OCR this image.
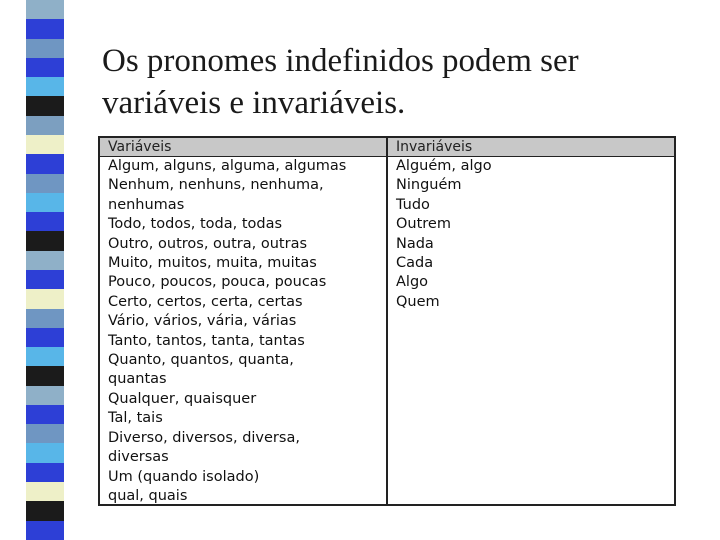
Os pronomes indefinidos podem ser
variáveis e invariáveis.
Variáveis
Algum, alguns, alguma, algumas
Nenhum, nenhuns, nenhuma,
nenhumas
Todo, todos, toda, todas
Outro, outros, outra, outras
Muito, muitos, muita, muitas
Pouco, poucos, pouca, poucas
Certo, certos, certa, certas
Vário, vários, vária, várias
Tanto, tantos, tanta, tantas
Quanto, quantos, quanta,
quantas
Qualquer, quaisquer
Tal, tais
Diverso, diversos, diversa,
diversas
Um (quando isolado)
qual, quais
Invariáveis
Alguém, algo
Ninguém
Tudo
Outrem
Nada
Cada
Algo
Quem
